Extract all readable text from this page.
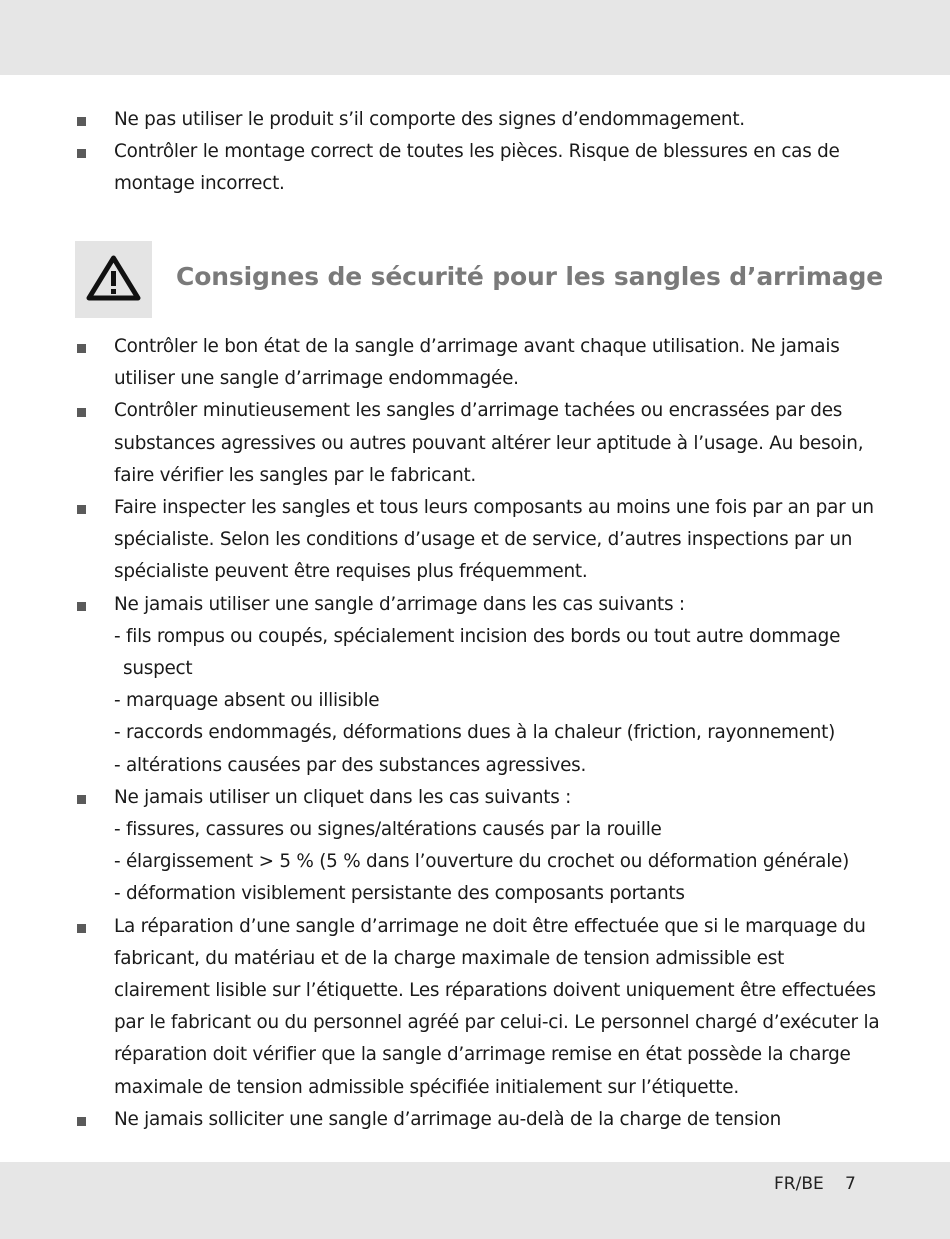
Ne pas utiliser le produit s’il comporte des signes d’endommagement.
Contrôler le montage correct de toutes les pièces. Risque de blessures en cas de montage incorrect.
Consignes de sécurité pour les sangles d’arrimage
Contrôler le bon état de la sangle d’arrimage avant chaque utilisation. Ne jamais utiliser une sangle d’arrimage endommagée.
Contrôler minutieusement les sangles d’arrimage tachées ou encrassées par des substances agressives ou autres pouvant altérer leur aptitude à l’usage. Au besoin, faire vérifier les sangles par le fabricant.
Faire inspecter les sangles et tous leurs composants au moins une fois par an par un spécialiste. Selon les conditions d’usage et de service, d’autres inspections par un spécialiste peuvent être requises plus fréquemment.
Ne jamais utiliser une sangle d’arrimage dans les cas suivants :
- fils rompus ou coupés, spécialement incision des bords ou tout autre dommage suspect
- marquage absent ou illisible
- raccords endommagés, déformations dues à la chaleur (friction, rayonnement)
- altérations causées par des substances agressives.
Ne jamais utiliser un cliquet dans les cas suivants :
- fissures, cassures ou signes/altérations causés par la rouille
- élargissement > 5 % (5 % dans l’ouverture du crochet ou déformation générale)
- déformation visiblement persistante des composants portants
La réparation d’une sangle d’arrimage ne doit être effectuée que si le marquage du fabricant, du matériau et de la charge maximale de tension admissible est clairement lisible sur l’étiquette. Les réparations doivent uniquement être effectuées par le fabricant ou du personnel agréé par celui-ci. Le personnel chargé d’exécuter la réparation doit vérifier que la sangle d’arrimage remise en état possède la charge maximale de tension admissible spécifiée initialement sur l’étiquette.
Ne jamais solliciter une sangle d’arrimage au-delà de la charge de tension
FR/BE 7
